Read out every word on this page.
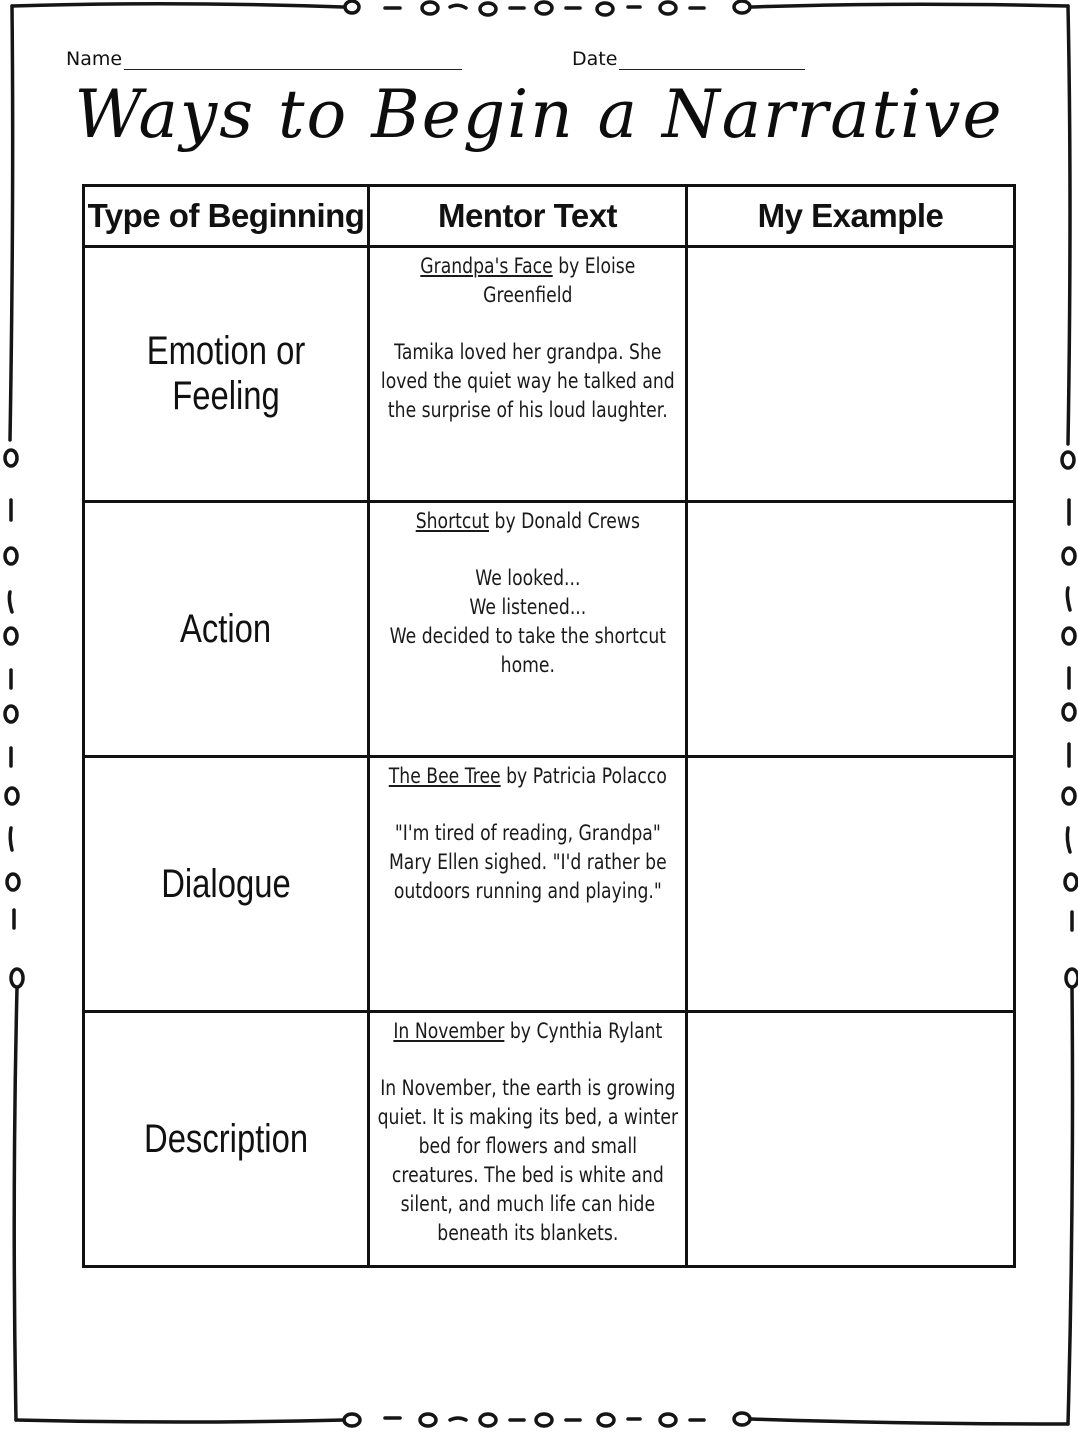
Name	Date
Ways to Begin a Narrative
Type of Beginning	Mentor Text	My Example
Emotion or Feeling	Grandpa's Face by Eloise Greenfield
Tamika loved her grandpa. She loved the quiet way he talked and the surprise of his loud laughter.	

Action	Shortcut by Donald Crews
We looked...
We listened...
We decided to take the shortcut home.	

Dialogue	The Bee Tree by Patricia Polacco
"I'm tired of reading, Grandpa" Mary Ellen sighed. "I'd rather be outdoors running and playing."	

Description	In November by Cynthia Rylant
In November, the earth is growing quiet. It is making its bed, a winter bed for flowers and small creatures. The bed is white and silent, and much life can hide beneath its blankets.	
